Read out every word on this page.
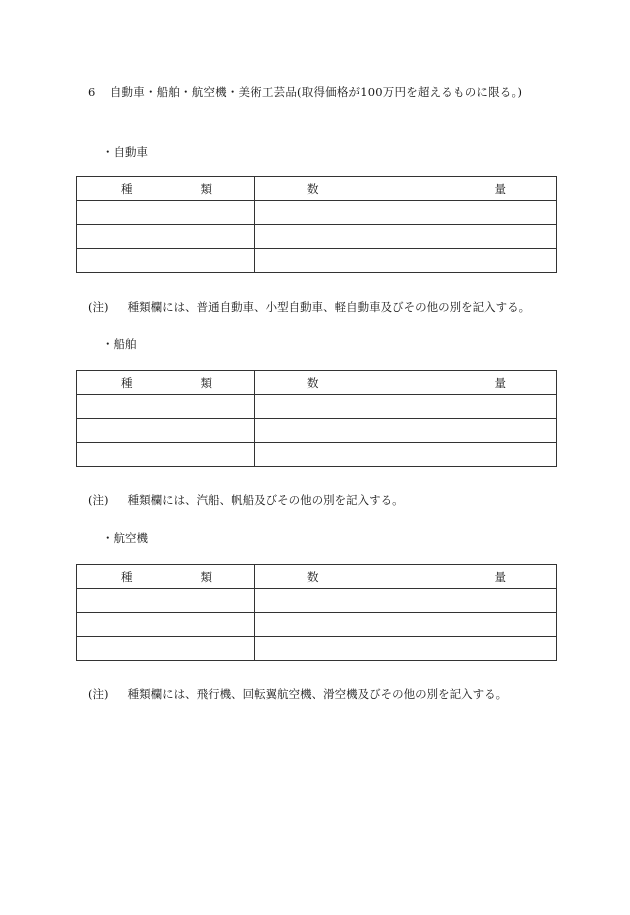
6 自動車・船舶・航空機・美術工芸品(取得価格が100万円を超えるものに限る。)
・自動車
種 類	数 量

(注) 種類欄には、普通自動車、小型自動車、軽自動車及びその他の別を記入する。
・船舶
種 類	数 量

(注) 種類欄には、汽船、帆船及びその他の別を記入する。
・航空機
種 類	数 量

(注) 種類欄には、飛行機、回転翼航空機、滑空機及びその他の別を記入する。
